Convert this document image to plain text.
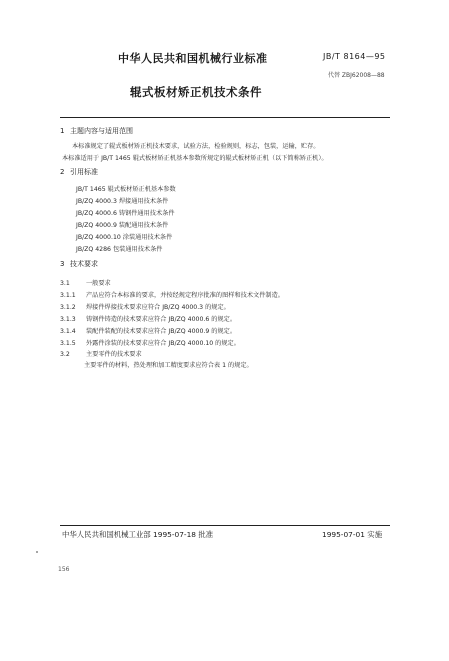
中华人民共和国机械行业标准	JB/T 8164—95
代替 ZBJ62008—88
辊式板材矫正机技术条件
1 主题内容与适用范围
本标准规定了辊式板材矫正机技术要求，试验方法，检验规则，标志，包装，运输，贮存。
本标准适用于 JB/T 1465 辊式板材矫正机基本参数所规定的辊式板材矫正机（以下简称矫正机）。
2 引用标准
JB/T 1465 辊式板材矫正机基本参数
JB/ZQ 4000.3 焊接通用技术条件
JB/ZQ 4000.6 铸钢件通用技术条件
JB/ZQ 4000.9 装配通用技术条件
JB/ZQ 4000.10 涂装通用技术条件
JB/ZQ 4286 包装通用技术条件
3 技术要求
3.1	一般要求
3.1.1 产品应符合本标准的要求，并按经规定程序批准的图样和技术文件制造。
3.1.2 焊接件焊接技术要求应符合 JB/ZQ 4000.3 的规定。
3.1.3 铸钢件铸造的技术要求应符合 JB/ZQ 4000.6 的规定。
3.1.4 装配件装配的技术要求应符合 JB/ZQ 4000.9 的规定。
3.1.5 外露件涂装的技术要求应符合 JB/ZQ 4000.10 的规定。
3.2	主要零件的技术要求
主要零件的材料，热处理和加工精度要求应符合表 1 的规定。
中华人民共和国机械工业部 1995-07-18 批准	1995-07-01 实施
156
